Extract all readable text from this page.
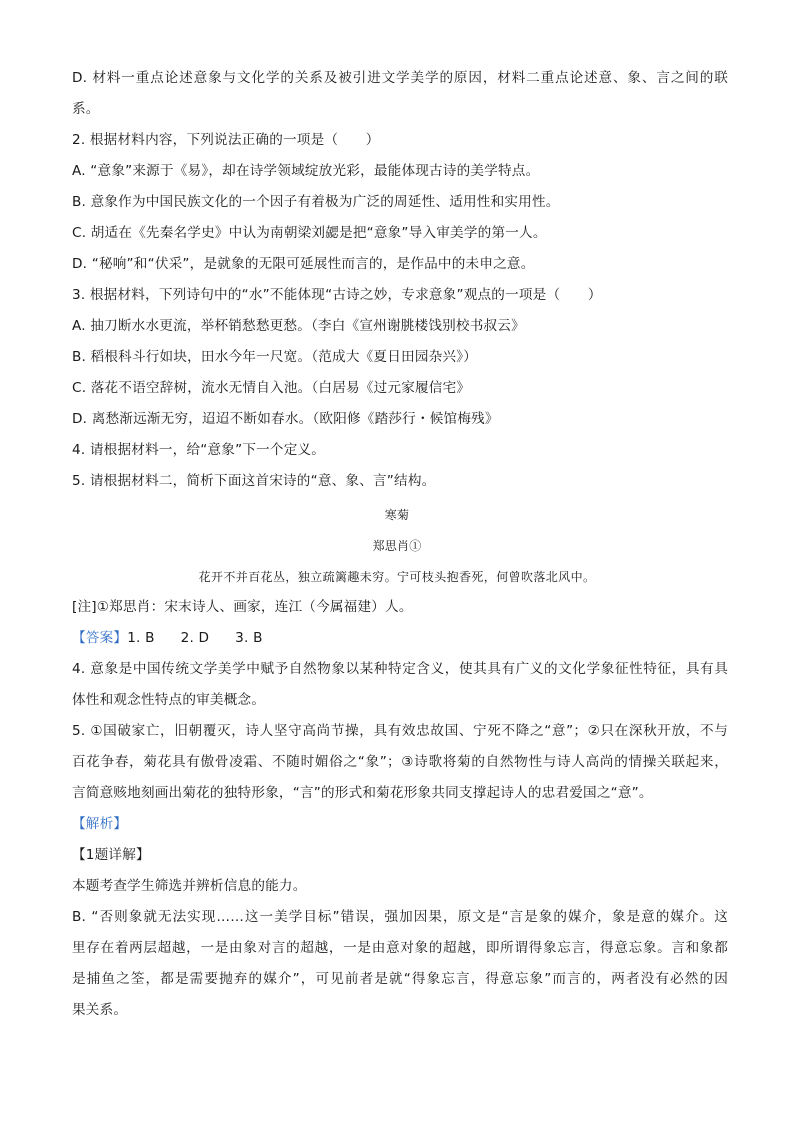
D. 材料一重点论述意象与文化学的关系及被引进文学美学的原因，材料二重点论述意、象、言之间的联
系。
2. 根据材料内容，下列说法正确的一项是（　　）
A. “意象”来源于《易》，却在诗学领域绽放光彩，最能体现古诗的美学特点。
B. 意象作为中国民族文化的一个因子有着极为广泛的周延性、适用性和实用性。
C. 胡适在《先秦名学史》中认为南朝梁刘勰是把“意象”导入审美学的第一人。
D. “秘响”和“伏采”，是就象的无限可延展性而言的，是作品中的未申之意。
3. 根据材料，下列诗句中的“水”不能体现“古诗之妙，专求意象”观点的一项是（　　）
A. 抽刀断水水更流，举杯销愁愁更愁。（李白《宣州谢朓楼饯别校书叔云》
B. 稻根科斗行如块，田水今年一尺宽。（范成大《夏日田园杂兴》）
C. 落花不语空辞树，流水无情自入池。（白居易《过元家履信宅》
D. 离愁渐远渐无穷，迢迢不断如春水。（欧阳修《踏莎行・候馆梅残》
4. 请根据材料一，给“意象”下一个定义。
5. 请根据材料二，简析下面这首宋诗的“意、象、言”结构。
寒菊
郑思肖①
花开不并百花丛，独立疏篱趣未穷。宁可枝头抱香死，何曾吹落北风中。
[注]①郑思肖：宋末诗人、画家，连江（今属福建）人。
【答案】1. B 2. D 3. B
4. 意象是中国传统文学美学中赋予自然物象以某种特定含义，使其具有广义的文化学象征性特征，具有具
体性和观念性特点的审美概念。
5. ①国破家亡，旧朝覆灭，诗人坚守高尚节操，具有效忠故国、宁死不降之“意”；②只在深秋开放，不与
百花争春，菊花具有傲骨凌霜、不随时媚俗之“象”；③诗歌将菊的自然物性与诗人高尚的情操关联起来，
言简意赅地刻画出菊花的独特形象，“言”的形式和菊花形象共同支撑起诗人的忠君爱国之“意”。
【解析】
【1题详解】
本题考查学生筛选并辨析信息的能力。
B. “否则象就无法实现……这一美学目标”错误，强加因果，原文是“言是象的媒介，象是意的媒介。这
里存在着两层超越，一是由象对言的超越，一是由意对象的超越，即所谓得象忘言，得意忘象。言和象都
是捕鱼之筌，都是需要抛弃的媒介”，可见前者是就“得象忘言，得意忘象”而言的，两者没有必然的因
果关系。
